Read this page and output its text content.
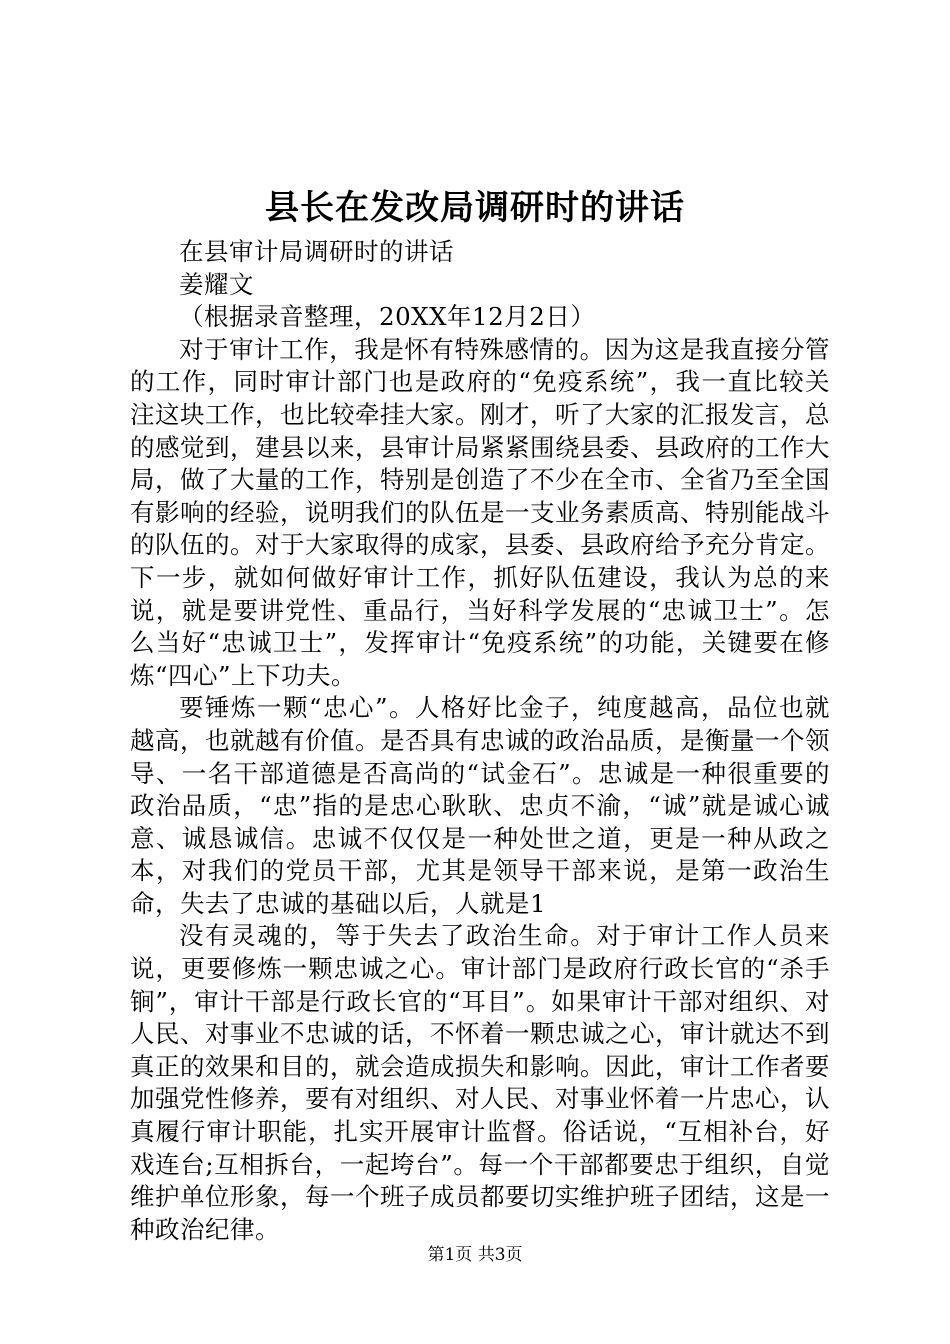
县长在发改局调研时的讲话

在县审计局调研时的讲话

姜耀文

（根据录音整理，20XX年12月2日）

对于审计工作，我是怀有特殊感情的。因为这是我直接分管的工作，同时审计部门也是政府的“免疫系统”，我一直比较关注这块工作，也比较牵挂大家。刚才，听了大家的汇报发言，总的感觉到，建县以来，县审计局紧紧围绕县委、县政府的工作大局，做了大量的工作，特别是创造了不少在全市、全省乃至全国有影响的经验，说明我们的队伍是一支业务素质高、特别能战斗的队伍的。对于大家取得的成家，县委、县政府给予充分肯定。下一步，就如何做好审计工作，抓好队伍建设，我认为总的来说，就是要讲党性、重品行，当好科学发展的“忠诚卫士”。怎么当好“忠诚卫士”，发挥审计“免疫系统”的功能，关键要在修炼“四心”上下功夫。

要锤炼一颗“忠心”。人格好比金子，纯度越高，品位也就越高，也就越有价值。是否具有忠诚的政治品质，是衡量一个领导、一名干部道德是否高尚的“试金石”。忠诚是一种很重要的政治品质，“忠”指的是忠心耿耿、忠贞不渝，“诚”就是诚心诚意、诚恳诚信。忠诚不仅仅是一种处世之道，更是一种从政之本，对我们的党员干部，尤其是领导干部来说，是第一政治生命，失去了忠诚的基础以后，人就是1

没有灵魂的，等于失去了政治生命。对于审计工作人员来说，更要修炼一颗忠诚之心。审计部门是政府行政长官的“杀手锏”，审计干部是行政长官的“耳目”。如果审计干部对组织、对人民、对事业不忠诚的话，不怀着一颗忠诚之心，审计就达不到真正的效果和目的，就会造成损失和影响。因此，审计工作者要加强党性修养，要有对组织、对人民、对事业怀着一片忠心，认真履行审计职能，扎实开展审计监督。俗话说，“互相补台，好戏连台;互相拆台，一起垮台”。每一个干部都要忠于组织，自觉维护单位形象，每一个班子成员都要切实维护班子团结，这是一种政治纪律。

第1页 共3页
